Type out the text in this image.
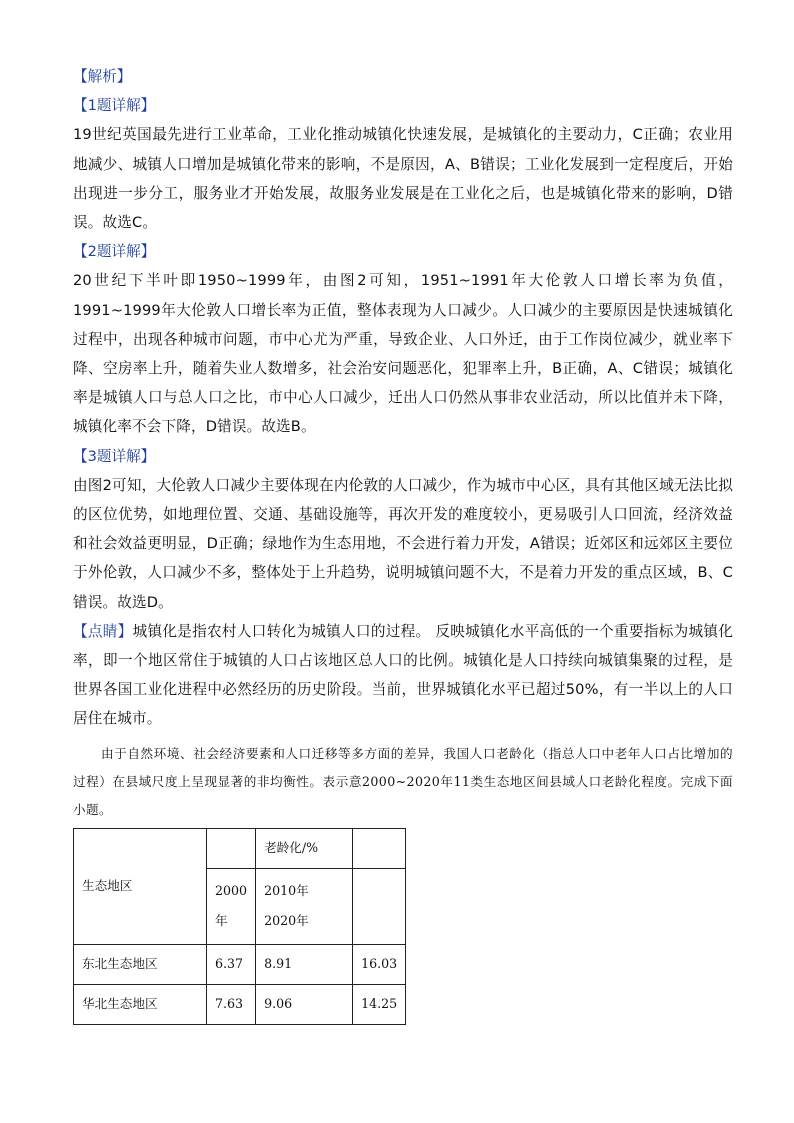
【解析】

【1题详解】

19世纪英国最先进行工业革命，工业化推动城镇化快速发展，是城镇化的主要动力，C正确；农业用地减少、城镇人口增加是城镇化带来的影响，不是原因，A、B错误；工业化发展到一定程度后，开始出现进一步分工，服务业才开始发展，故服务业发展是在工业化之后，也是城镇化带来的影响，D错误。故选C。

【2题详解】

20世纪下半叶即1950~1999年，由图2可知，1951~1991年大伦敦人口增长率为负值，1991~1999年大伦敦人口增长率为正值，整体表现为人口减少。人口减少的主要原因是快速城镇化过程中，出现各种城市问题，市中心尤为严重，导致企业、人口外迁，由于工作岗位减少，就业率下降、空房率上升，随着失业人数增多，社会治安问题恶化，犯罪率上升，B正确，A、C错误；城镇化率是城镇人口与总人口之比，市中心人口减少，迁出人口仍然从事非农业活动，所以比值并未下降，城镇化率不会下降，D错误。故选B。

【3题详解】

由图2可知，大伦敦人口减少主要体现在内伦敦的人口减少，作为城市中心区，具有其他区域无法比拟的区位优势，如地理位置、交通、基础设施等，再次开发的难度较小，更易吸引人口回流，经济效益和社会效益更明显，D正确；绿地作为生态用地，不会进行着力开发，A错误；近郊区和远郊区主要位于外伦敦，人口减少不多，整体处于上升趋势，说明城镇问题不大，不是着力开发的重点区域，B、C错误。故选D。

【点睛】城镇化是指农村人口转化为城镇人口的过程。 反映城镇化水平高低的一个重要指标为城镇化率，即一个地区常住于城镇的人口占该地区总人口的比例。城镇化是人口持续向城镇集聚的过程，是世界各国工业化进程中必然经历的历史阶段。当前，世界城镇化水平已超过50%，有一半以上的人口居住在城市。

由于自然环境、社会经济要素和人口迁移等多方面的差异，我国人口老龄化（指总人口中老年人口占比增加的过程）在县域尺度上呈现显著的非均衡性。表示意2000~2020年11类生态地区间县域人口老龄化程度。完成下面小题。

生态地区		老龄化/%	
	2000年	2010年 2020年	
东北生态地区	6.37	8.91	16.03
华北生态地区	7.63	9.06	14.25
